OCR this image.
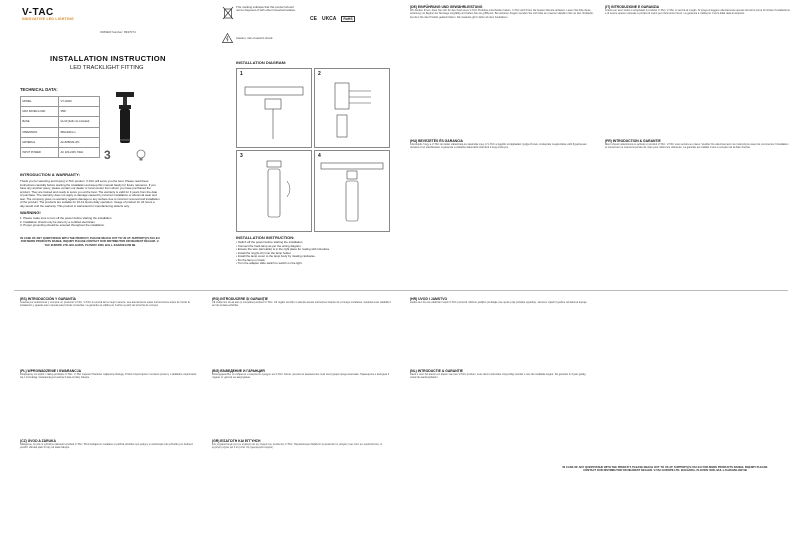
V-TAC
INNOVATIVE LED LIGHTING
ORDER Number: 8937074
INSTALLATION INSTRUCTION
LED TRACKLIGHT FITTING
TECHNICAL DATA:
MODEL	VT-10416
MAX RATED LOAD	35W
BASE	GU10 (bulb not included)
DIMENSION	Ø54x230mm
MATERIAL	ALUMINUM+PC
INPUT POWER	AC 220-240V, 50Hz 3
INTRODUCTION & WARRANTY:
Thank you for selecting and buying V-TAC product. V-TAC will serve you the best. Please read these instructions carefully before starting the installation and keep this manual handy for future reference. If you have any another query, please contact our dealer or local vendor from whom you have purchased the product. They are trained and ready to serve you at the best. The warranty is valid for 3 years from the date of purchase. The warranty does not apply to damage caused by incorrect installation or abnormal wear and tear. The company gives no warranty against damage to any surface due to incorrect removal and installation of the product. The products are suitable for 10-12 Hours daily operation. Usage of product for 24 hours a day would void the warranty. This product is warranted for manufacturing defects only.
WARNING!
1. Please make sure to turn off the power before starting the installation.
2. Installation should only be done by a certified electrician.
3. Proper grounding should be ensured throughout the installation.
IN CASE OF ANY QUERY/ISSUE WITH THE PRODUCT, PLEASE REACH OUT TO US AT: SUPPORT@V-TAC.EU FOR MORE PRODUCTS RANGE, INQUIRY PLEASE CONTACT OUR DISTRIBUTOR OR NEAREST DEALER. V-TAC EUROPE LTD. BULGARIA, PLOVDIV 4000, BUL.L.KARAVELOW 9B
This marking indicates that this product should not be disposed of with other household wastes.
Caution, risk of electric shock.
CE UKCA	RoHS
INSTALLATION DIAGRAM:
1	2
3	4
INSTALLATION INSTRUCTION:
• Switch off the power before starting the installation.
• Connect the track lamp as per the wiring diagram.
• Ensure the wire (tail cable) is in the right place for mating with introduce.
• Install the ring(G-U1) into the lamp holder.
• Install the lamp cover to the lamp body by rotating clockwise.
• Fix the lamp on track.
• Turn the adapter slide switch to switch on the light.
(DE) EINFÜHRUNG UND GEWÄHRLEISTUNG
Wir danken Ihnen, dass Sie sich für den Kauf eines V-TAC Produkts entschieden haben. V-TAC wird Ihnen die besten Dienste anbieten. Lesen Sie bitte diese Anleitung vor Beginn der Montage sorgfältig und halten Sie sie griffbereit. Bei weiteren Fragen wenden Sie sich bitte an unseren Händler oder an den Verkäufer, bei dem Sie das Produkt gekauft haben. Die Garantie gilt 3 Jahre ab dem Kaufdatum.
(IT) INTRODUZIONE E GARANZIA
Grazie per aver scelto e acquistato il prodotto V-TAC. V-TAC vi servirà al meglio. Si prega di leggere attentamente queste istruzioni prima di iniziare l'installazione e di tenere questo manuale a portata di mano per riferimento futuro. La garanzia è valida per 3 anni dalla data di acquisto.
(HU) BEVEZETÉS ÉS GARANCIA
Köszönjük, hogy a V-TAC terméket választotta és vásárolta meg. A V-TAC a legjobb szolgáltatást nyújtja Önnek. A telepítés megkezdése előtt figyelmesen olvassa el az utasításokat. A garancia a vásárlás dátumától számított 3 évig érvényes.
(FR) INTRODUCTION & GARANTIE
Merci d'avoir sélectionné et acheté un produit V-TAC. V-TAC vous servira au mieux. Veuillez lire attentivement ces instructions avant de commencer l'installation et conservez ce manuel à portée de main pour référence ultérieure. La garantie est valable 3 ans à compter de la date d'achat.
(ES) INTRODUCCIÓN Y GARANTÍA
Gracias por seleccionar y comprar un producto V-TAC. V-TAC le servirá de la mejor manera. Lea atentamente estas instrucciones antes de iniciar la instalación y guarde este manual para futuras consultas. La garantía es válida por 3 años a partir de la fecha de compra.
(PL) WPROWADZENIE I GWARANCJA
Dziękujemy za wybór i zakup produktu V-TAC. V-TAC zapewni Państwu najlepszą obsługę. Przed rozpoczęciem montażu prosimy o dokładne zapoznanie się z instrukcją. Gwarancja jest ważna 3 lata od daty zakupu.
(CZ) ÚVOD A ZÁRUKA
Děkujeme, že jste si vybrali a zakoupili výrobek V-TAC. Před zahájením instalace si pečlivě přečtěte tyto pokyny a uschovejte tuto příručku pro budoucí použití. Záruka platí 3 roky od data nákupu.
(RO) INTRODUCERE ȘI GARANȚIE
Vă mulțumim că ați ales și cumpărat produsul V-TAC. Vă rugăm să citiți cu atenție aceste instrucțiuni înainte de a începe instalarea. Garanția este valabilă 3 ani de la data achiziției.
(BG) ВЪВЕДЕНИЕ И ГАРАНЦИЯ
Благодарим Ви, че избрахте и закупихте продукт на V-TAC. Моля, прочетете внимателно тези инструкции преди монтажа. Гаранцията е валидна 3 години от датата на закупуване.
(GR) ΕΙΣΑΓΩΓΗ ΚΑΙ ΕΓΓΥΗΣΗ
Σας ευχαριστούμε για την επιλογή και την αγορά του προϊόντος V-TAC. Παρακαλούμε διαβάστε προσεκτικά τις οδηγίες πριν από την εγκατάσταση. Η εγγύηση ισχύει για 3 έτη από την ημερομηνία αγοράς.
(HR) UVOD I JAMSTVO
Hvala vam što ste odabrali i kupili V-TAC proizvod. Molimo pažljivo pročitajte ove upute prije početka ugradnje. Jamstvo vrijedi 3 godine od datuma kupnje.
(NL) INTRODUCTIE & GARANTIE
Dank u voor het kiezen en kopen van een V-TAC product. Lees deze instructies zorgvuldig voordat u met de installatie begint. De garantie is 3 jaar geldig vanaf de aankoopdatum.
IN CASE OF ANY QUERY/ISSUE WITH THE PRODUCT, PLEASE REACH OUT TO US AT: SUPPORT@V-TAC.EU FOR MORE PRODUCTS RANGE, INQUIRY PLEASE CONTACT OUR DISTRIBUTOR OR NEAREST DEALER. V-TAC EUROPE LTD. BULGARIA, PLOVDIV 4000, BUL.L.KARAVELOW 9B
